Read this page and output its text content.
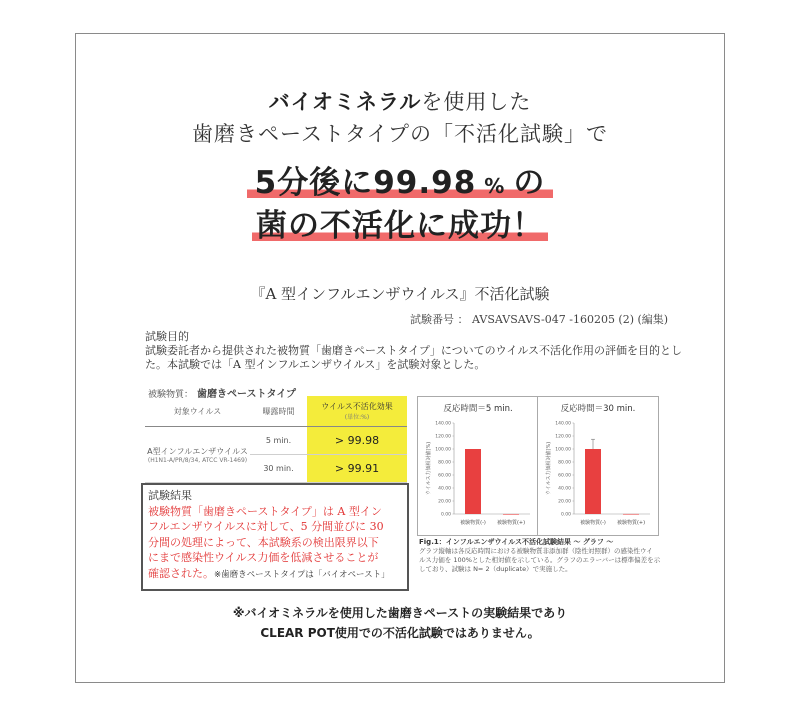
バイオミネラルを使用した
歯磨きペーストタイプの「不活化試験」で
5分後に99.98 % の
菌の不活化に成功！
『A 型インフルエンザウイルス』不活化試験
試験番号 ： AVSAVSAVS-047 -160205 (2) (編集)
試験目的
試験委託者から提供された被物質「歯磨きペーストタイプ」についてのウイルス不活化作用の評価を目的とし
た。本試験では「A 型インフルエンザウイルス」を試験対象とした。
被験物質： 歯磨きペーストタイプ
対象ウイルス	曝露時間	ウイルス不活化効果
(単位:%)

A型インフルエンザウイルス
(H1N1-A/PR/8/34, ATCC VR-1469)	5 min.	> 99.98
	30 min.	> 99.91
試験結果
被験物質「歯磨きペーストタイプ」は A 型イン
フルエンザウイルスに対して、5 分間並びに 30
分間の処理によって、本試験系の検出限界以下
にまで感染性ウイルス力価を低減させることが
確認された。※歯磨きペーストタイプは「バイオペースト」
反応時間＝5 min.
ウイルス力価相対値(%)
0.00
20.00
40.00
60.00
80.00
100.00
120.00
140.00
被験物質(-) 被験物質(+)
反応時間＝30 min.
ウイルス力価相対値(%)
0.00
20.00
40.00
60.00
80.00
100.00
120.00
140.00
被験物質(-) 被験物質(+)
Fig.1：インフルエンザウイルス不活化試験結果 ～ グラフ ～
グラフ縦軸は各反応時間における被験物質非添加群（陰性対照群）の感染性ウイ
ルス力価を 100%とした相対値を示している。グラフのエラーバーは標準偏差を示
しており、試験は N= 2（duplicate）で実施した。
※バイオミネラルを使用した歯磨きペーストの実験結果であり
CLEAR POT使用での不活化試験ではありません。
